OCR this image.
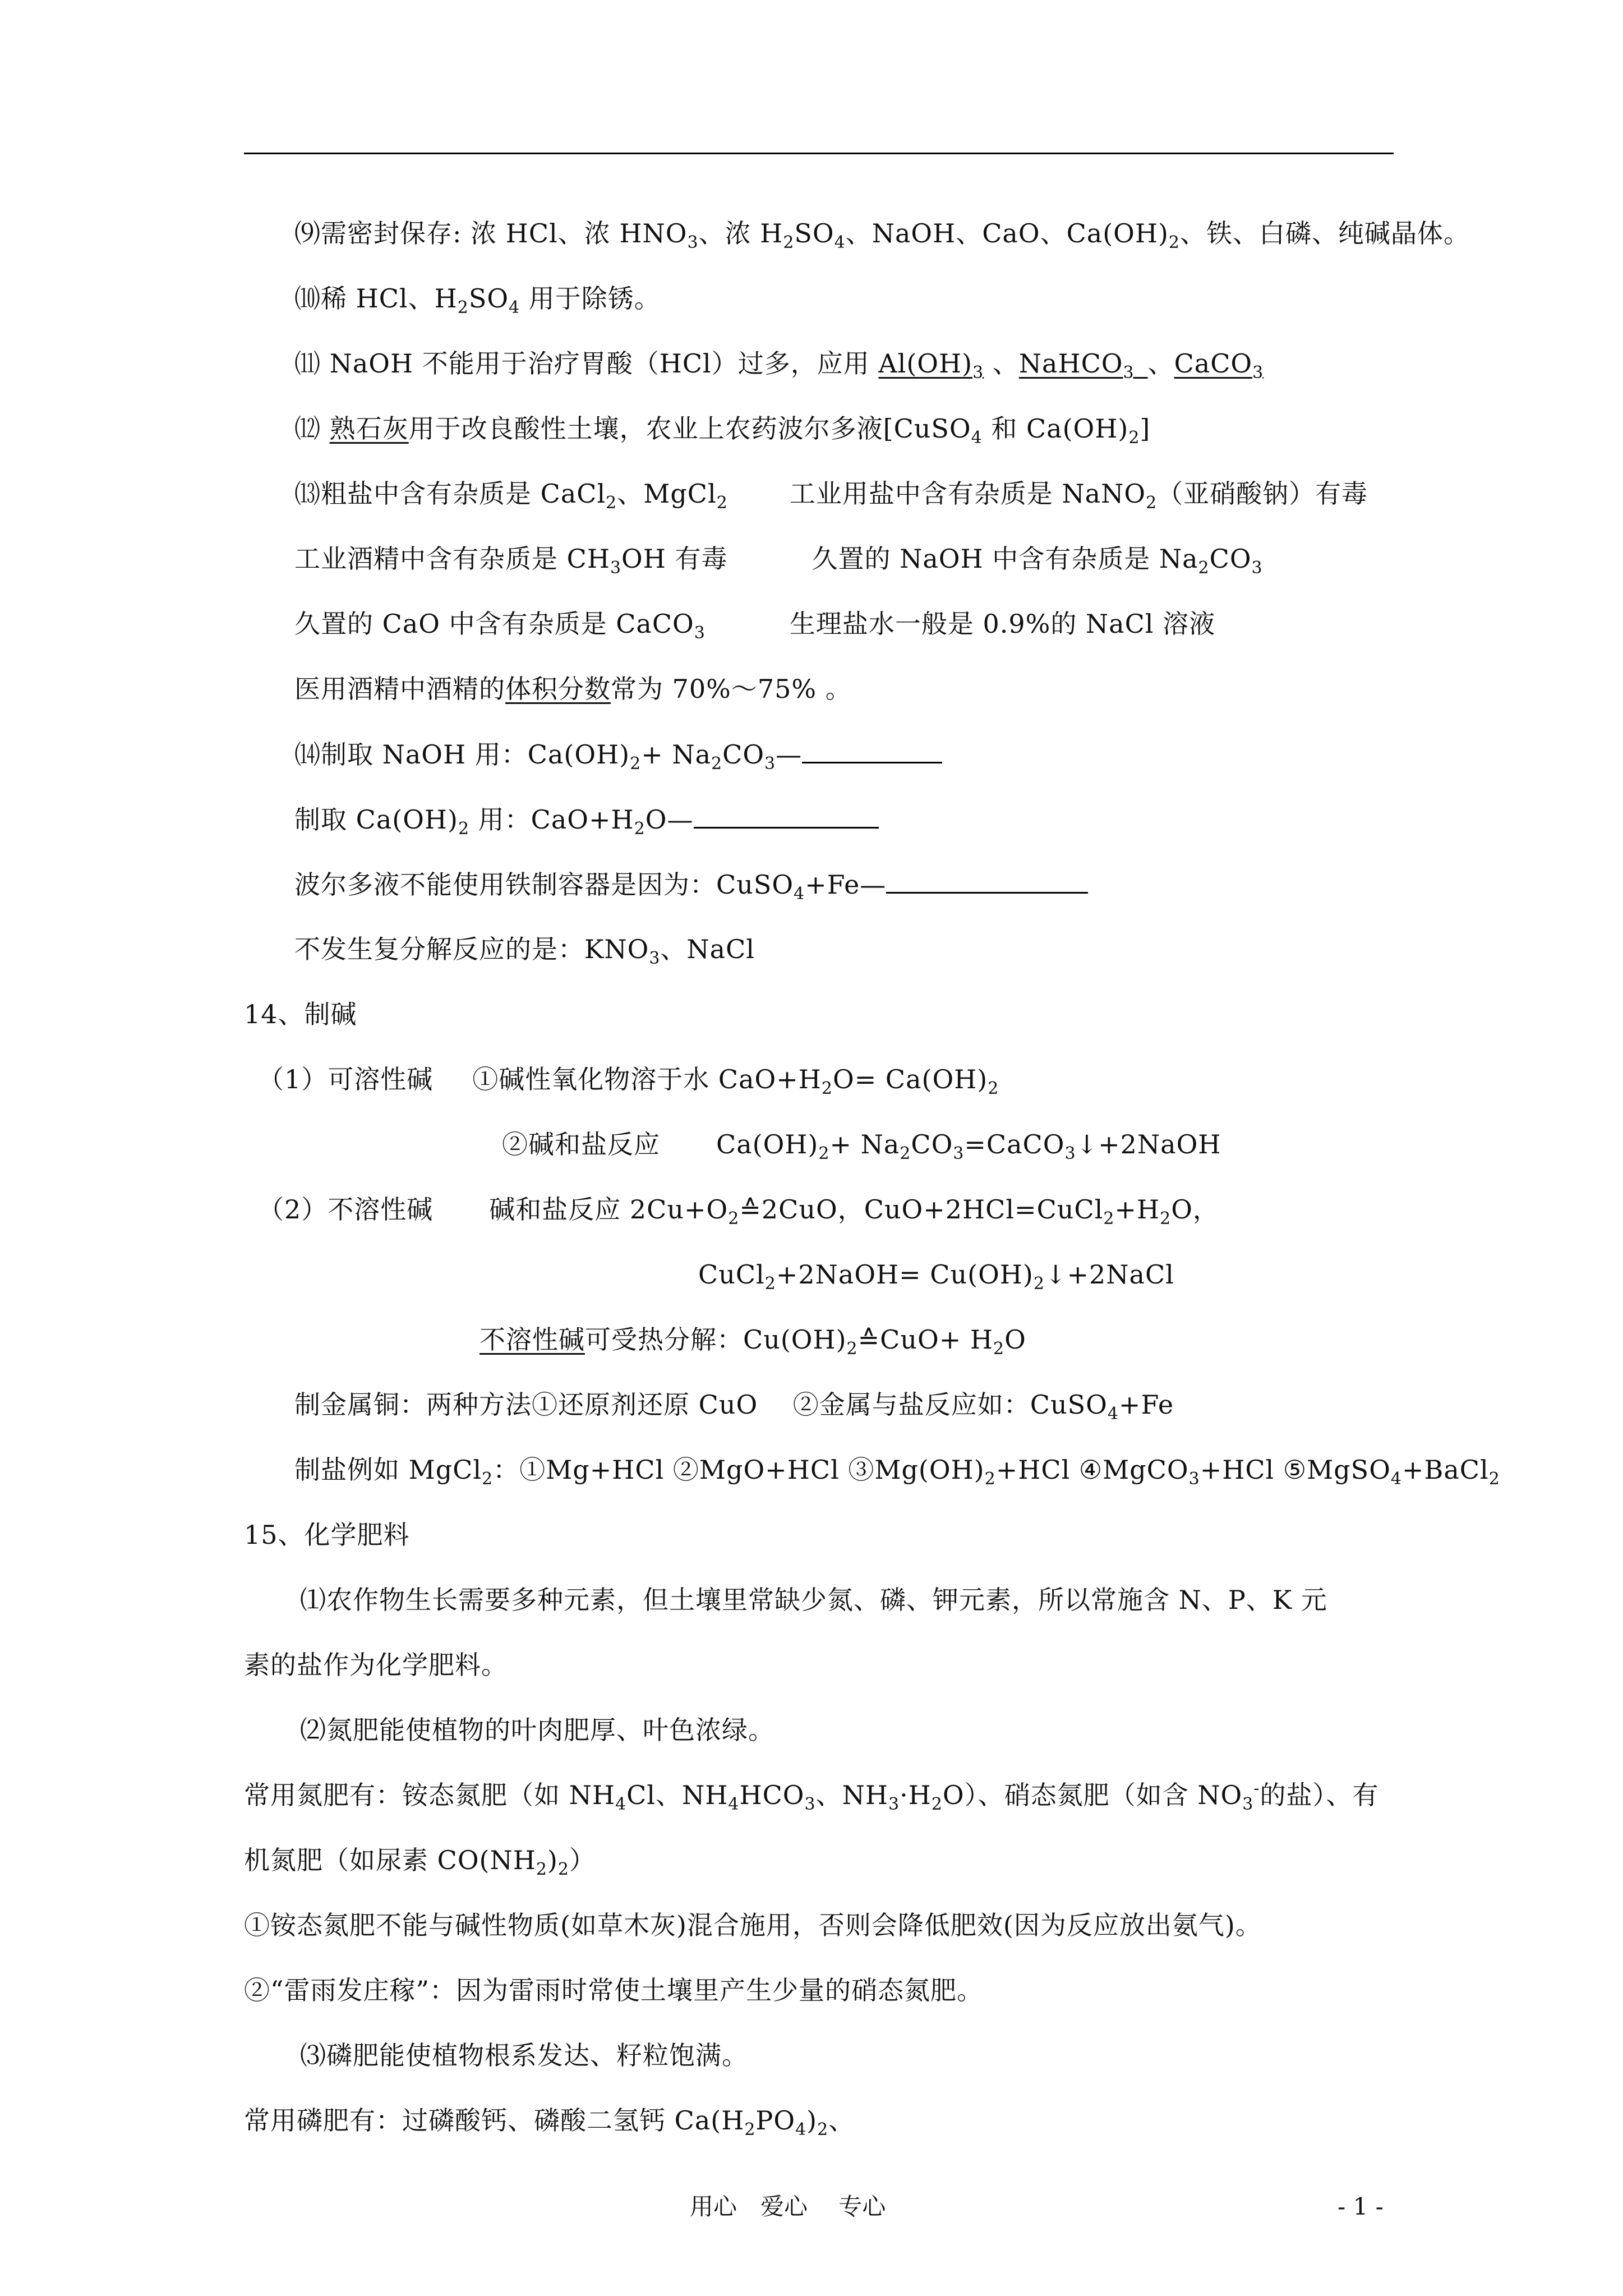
⑼需密封保存: 浓 HCl、浓 $HNO_3$、浓 $H_2SO_4$、NaOH、CaO、$Ca(OH)_2$、铁、白磷、纯碱晶体。
⑽稀 HCl、$H_2SO_4$ 用于除锈。
⑾ NaOH 不能用于治疗胃酸（HCl）过多，应用 $Al(OH)_3$ 、NaHCO$_3$_、CaCO$_3$
⑿ 熟石灰用于改良酸性土壤，农业上农药波尔多液[CuSO$_4$ 和 $Ca(OH)_2$]
⒀粗盐中含有杂质是 CaCl$_2$、MgCl$_2$ 工业用盐中含有杂质是 NaNO$_2$（亚硝酸钠）有毒
工业酒精中含有杂质是 $CH_3OH$ 有毒	久置的 NaOH 中含有杂质是 $Na_2CO_3$
久置的 CaO 中含有杂质是 CaCO$_3$	生理盐水一般是 0.9%的 NaCl 溶液
医用酒精中酒精的体积分数常为 70%～75% 。
⒁制取 NaOH 用：$Ca(OH)_2+$ $Na_2CO_3—$
制取 $Ca(OH)_2$ 用：$CaO+H_2O—$
波尔多液不能使用铁制容器是因为：CuSO$_4$+Fe—
不发生复分解反应的是：$KNO_3$、NaCl
14、制碱
（1）可溶性碱 ①碱性氧化物溶于水 $CaO+H_2O= Ca(OH)_2$
②碱和盐反应 $Ca(OH)_2+$ $Na_2CO_3=CaCO_3↓+2NaOH$
（2）不溶性碱 碱和盐反应 $2Cu+O_2≙2CuO$，$CuO+2HCl=CuCl_2+H_2O$，
CuCl$_2$+2NaOH= $Cu(OH)_2↓+2NaCl$
不溶性碱可受热分解：$Cu(OH)_2≙CuO+ H_2O$
制金属铜：两种方法①还原剂还原 CuO　 ②金属与盐反应如：CuSO$_4$+Fe
制盐例如 MgCl$_2$：①Mg+HCl ②MgO+HCl $③Mg(OH)_2+HCl$ ④MgCO$_3$+HCl ⑤MgSO$_4$+BaCl$_2$
15、化学肥料
⑴农作物生长需要多种元素，但土壤里常缺少氮、磷、钾元素，所以常施含 N、P、K 元
素的盐作为化学肥料。
⑵氮肥能使植物的叶肉肥厚、叶色浓绿。
常用氮肥有：铵态氮肥（如 $NH_4Cl$、$NH_4HCO_3$、$NH_3\cdot H_2O$）、硝态氮肥（如含 $NO_3^-$的盐）、有
机氮肥（如尿素 $CO(NH_2)_2$）
①铵态氮肥不能与碱性物质(如草木灰)混合施用，否则会降低肥效(因为反应放出氨气)。
②“雷雨发庄稼”：因为雷雨时常使土壤里产生少量的硝态氮肥。
⑶磷肥能使植物根系发达、籽粒饱满。
常用磷肥有：过磷酸钙、磷酸二氢钙 $Ca(H_2PO_4)_2$、
用心　爱心　 专心	- 1 -
